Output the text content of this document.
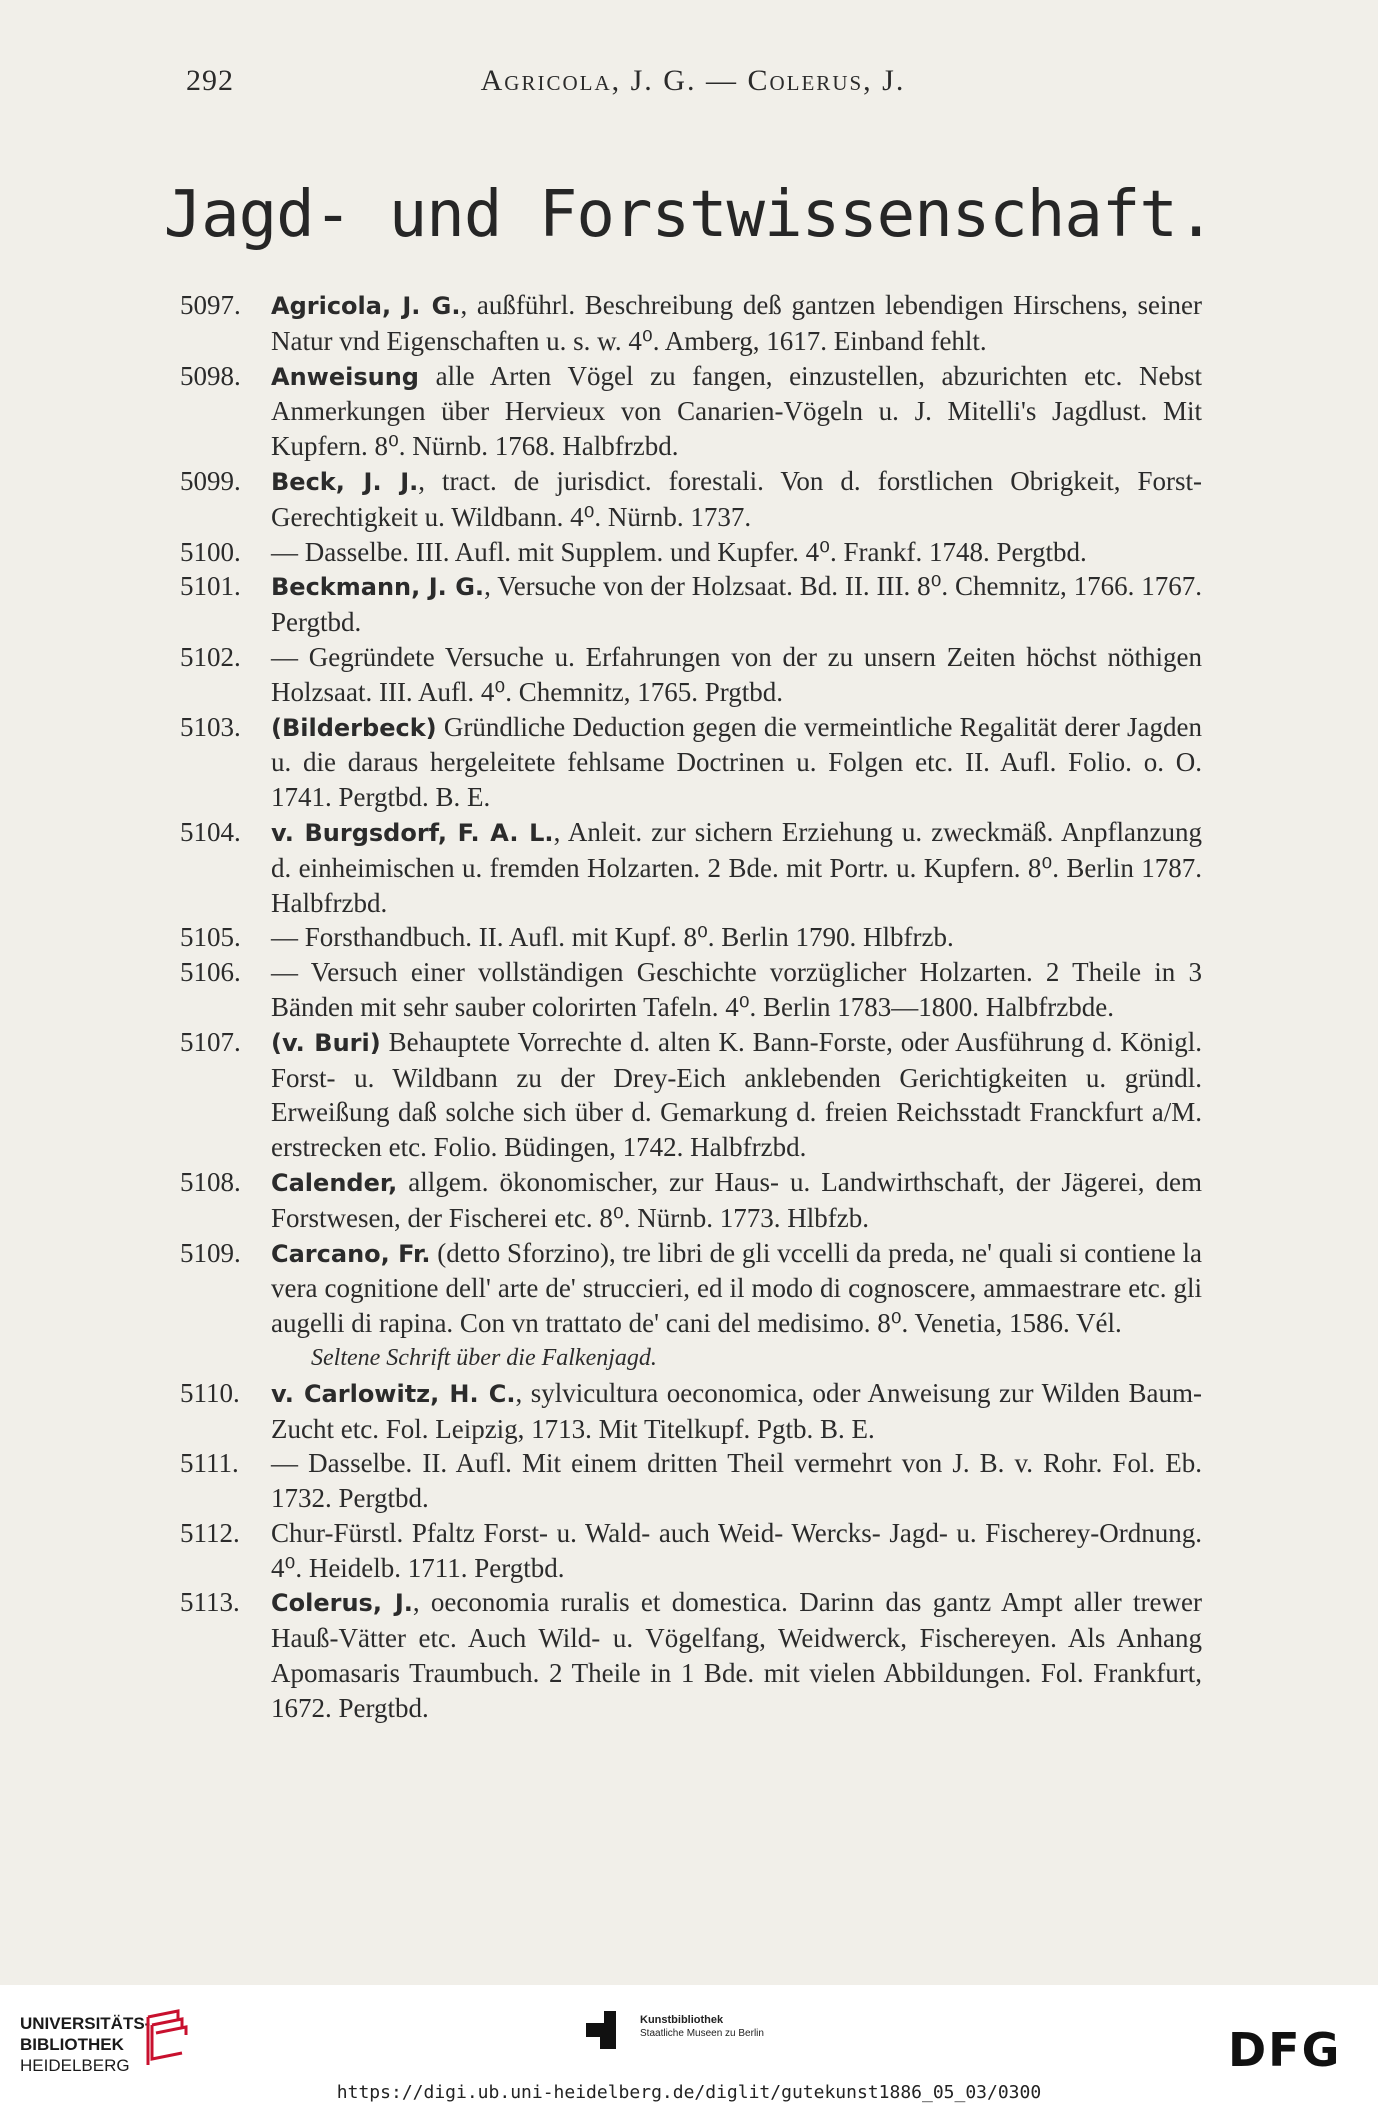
292	Agricola, J. G. — Colerus, J.
Jagd- und Forstwissenschaft.
5097. Agricola, J. G., außführl. Beschreibung deß gantzen lebendigen Hirschens, seiner Natur vnd Eigenschaften u. s. w. 4⁰. Amberg, 1617. Einband fehlt.
5098. Anweisung alle Arten Vögel zu fangen, einzustellen, abzurichten etc. Nebst Anmerkungen über Hervieux von Canarien-Vögeln u. J. Mitelli's Jagdlust. Mit Kupfern. 8⁰. Nürnb. 1768. Halbfrzbd.
5099. Beck, J. J., tract. de jurisdict. forestali. Von d. forstlichen Obrigkeit, Forst-Gerechtigkeit u. Wildbann. 4⁰. Nürnb. 1737.
5100. — Dasselbe. III. Aufl. mit Supplem. und Kupfer. 4⁰. Frankf. 1748. Pergtbd.
5101. Beckmann, J. G., Versuche von der Holzsaat. Bd. II. III. 8⁰. Chemnitz, 1766. 1767. Pergtbd.
5102. — Gegründete Versuche u. Erfahrungen von der zu unsern Zeiten höchst nöthigen Holzsaat. III. Aufl. 4⁰. Chemnitz, 1765. Prgtbd.
5103. (Bilderbeck) Gründliche Deduction gegen die vermeintliche Regalität derer Jagden u. die daraus hergeleitete fehlsame Doctrinen u. Folgen etc. II. Aufl. Folio. o. O. 1741. Pergtbd. B. E.
5104. v. Burgsdorf, F. A. L., Anleit. zur sichern Erziehung u. zweckmäß. Anpflanzung d. einheimischen u. fremden Holzarten. 2 Bde. mit Portr. u. Kupfern. 8⁰. Berlin 1787. Halbfrzbd.
5105. — Forsthandbuch. II. Aufl. mit Kupf. 8⁰. Berlin 1790. Hlbfrzb.
5106. — Versuch einer vollständigen Geschichte vorzüglicher Holzarten. 2 Theile in 3 Bänden mit sehr sauber colorirten Tafeln. 4⁰. Berlin 1783—1800. Halbfrzbde.
5107. (v. Buri) Behauptete Vorrechte d. alten K. Bann-Forste, oder Ausführung d. Königl. Forst- u. Wildbann zu der Drey-Eich anklebenden Gerichtigkeiten u. gründl. Erweißung daß solche sich über d. Gemarkung d. freien Reichsstadt Franckfurt a/M. erstrecken etc. Folio. Büdingen, 1742. Halbfrzbd.
5108. Calender, allgem. ökonomischer, zur Haus- u. Landwirthschaft, der Jägerei, dem Forstwesen, der Fischerei etc. 8⁰. Nürnb. 1773. Hlbfzb.
5109. Carcano, Fr. (detto Sforzino), tre libri de gli vccelli da preda, ne' quali si contiene la vera cognitione dell' arte de' struccieri, ed il modo di cognoscere, ammaestrare etc. gli augelli di rapina. Con vn trattato de' cani del medisimo. 8⁰. Venetia, 1586. Vél.
Seltene Schrift über die Falkenjagd.
5110. v. Carlowitz, H. C., sylvicultura oeconomica, oder Anweisung zur Wilden Baum-Zucht etc. Fol. Leipzig, 1713. Mit Titelkupf. Pgtb. B. E.
5111. — Dasselbe. II. Aufl. Mit einem dritten Theil vermehrt von J. B. v. Rohr. Fol. Eb. 1732. Pergtbd.
5112. Chur-Fürstl. Pfaltz Forst- u. Wald- auch Weid- Wercks- Jagd- u. Fischerey-Ordnung. 4⁰. Heidelb. 1711. Pergtbd.
5113. Colerus, J., oeconomia ruralis et domestica. Darinn das gantz Ampt aller trewer Hauß-Vätter etc. Auch Wild- u. Vögelfang, Weidwerck, Fischereyen. Als Anhang Apomasaris Traumbuch. 2 Theile in 1 Bde. mit vielen Abbildungen. Fol. Frankfurt, 1672. Pergtbd.
UNIVERSITÄTS-
BIBLIOTHEK
HEIDELBERG
Kunstbibliothek
Staatliche Museen zu Berlin	DFG
https://digi.ub.uni-heidelberg.de/diglit/gutekunst1886_05_03/0300
